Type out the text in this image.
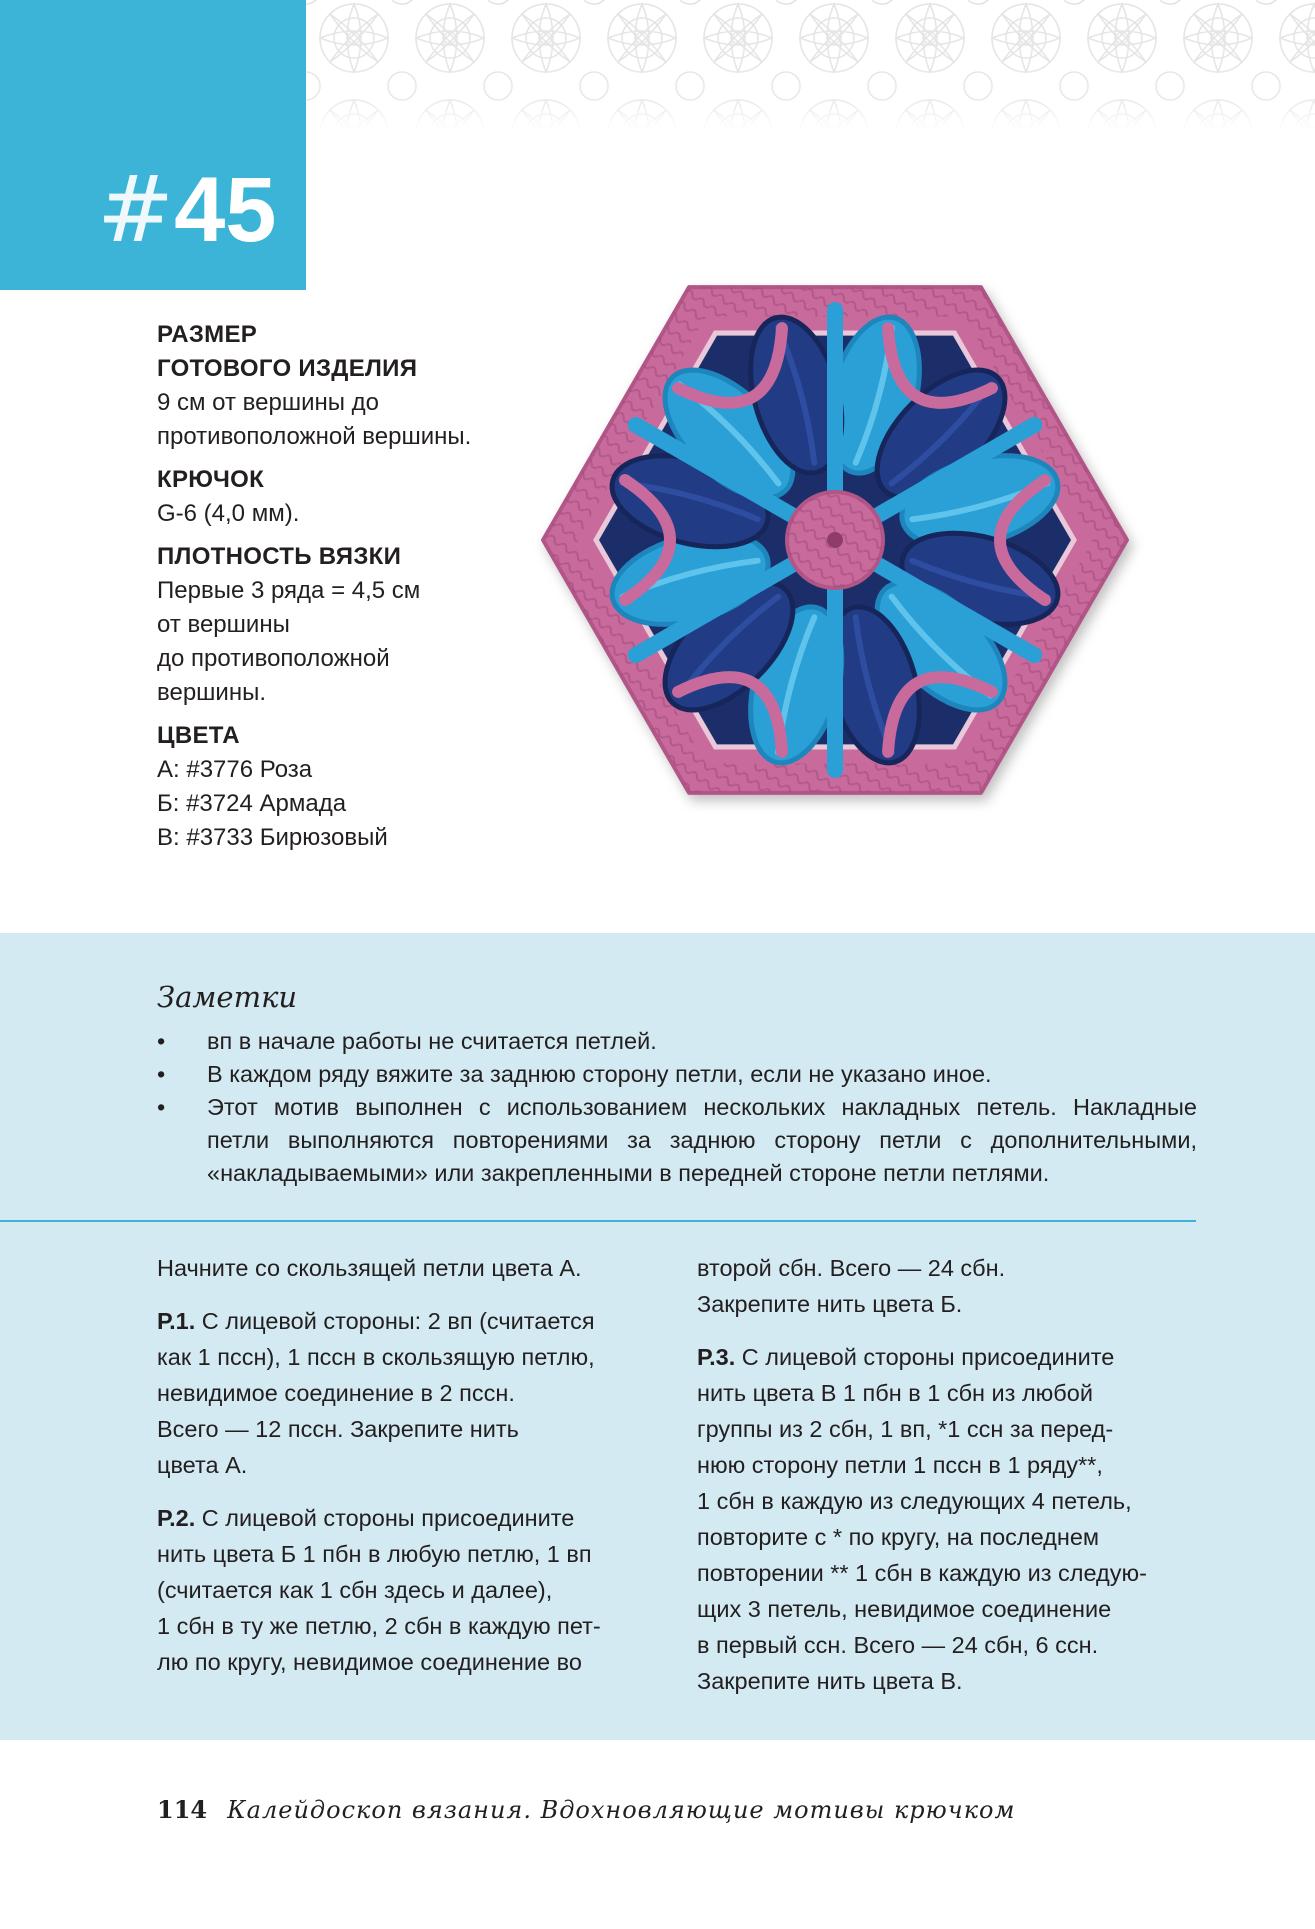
#45
РАЗМЕР
ГОТОВОГО ИЗДЕЛИЯ
9 см от вершины до
противоположной вершины.
КРЮЧОК
G-6 (4,0 мм).
ПЛОТНОСТЬ ВЯЗКИ
Первые 3 ряда = 4,5 см
от вершины
до противоположной
вершины.
ЦВЕТА
А: #3776 Роза
Б: #3724 Армада
В: #3733 Бирюзовый
Заметки
• вп в начале работы не считается петлей.
• В каждом ряду вяжите за заднюю сторону петли, если не указано иное.
• Этот мотив выполнен с использованием нескольких накладных петель. Накладные
петли выполняются повторениями за заднюю сторону петли с дополнительными,
«накладываемыми» или закрепленными в передней стороне петли петлями.

Начните со скользящей петли цвета А.

Р.1. С лицевой стороны: 2 вп (считается
как 1 пссн), 1 пссн в скользящую петлю,
невидимое соединение в 2 пссн.
Всего — 12 пссн. Закрепите нить
цвета А.

Р.2. С лицевой стороны присоедините
нить цвета Б 1 пбн в любую петлю, 1 вп
(считается как 1 сбн здесь и далее),
1 сбн в ту же петлю, 2 сбн в каждую пет-
лю по кругу, невидимое соединение во

второй сбн. Всего — 24 сбн.
Закрепите нить цвета Б.

Р.3. С лицевой стороны присоедините
нить цвета В 1 пбн в 1 сбн из любой
группы из 2 сбн, 1 вп, *1 ссн за перед-
нюю сторону петли 1 пссн в 1 ряду**,
1 сбн в каждую из следующих 4 петель,
повторите с * по кругу, на последнем
повторении ** 1 сбн в каждую из следую-
щих 3 петель, невидимое соединение
в первый ссн. Всего — 24 сбн, 6 ссн.
Закрепите нить цвета В.

114 Калейдоскоп вязания. Вдохновляющие мотивы крючком
